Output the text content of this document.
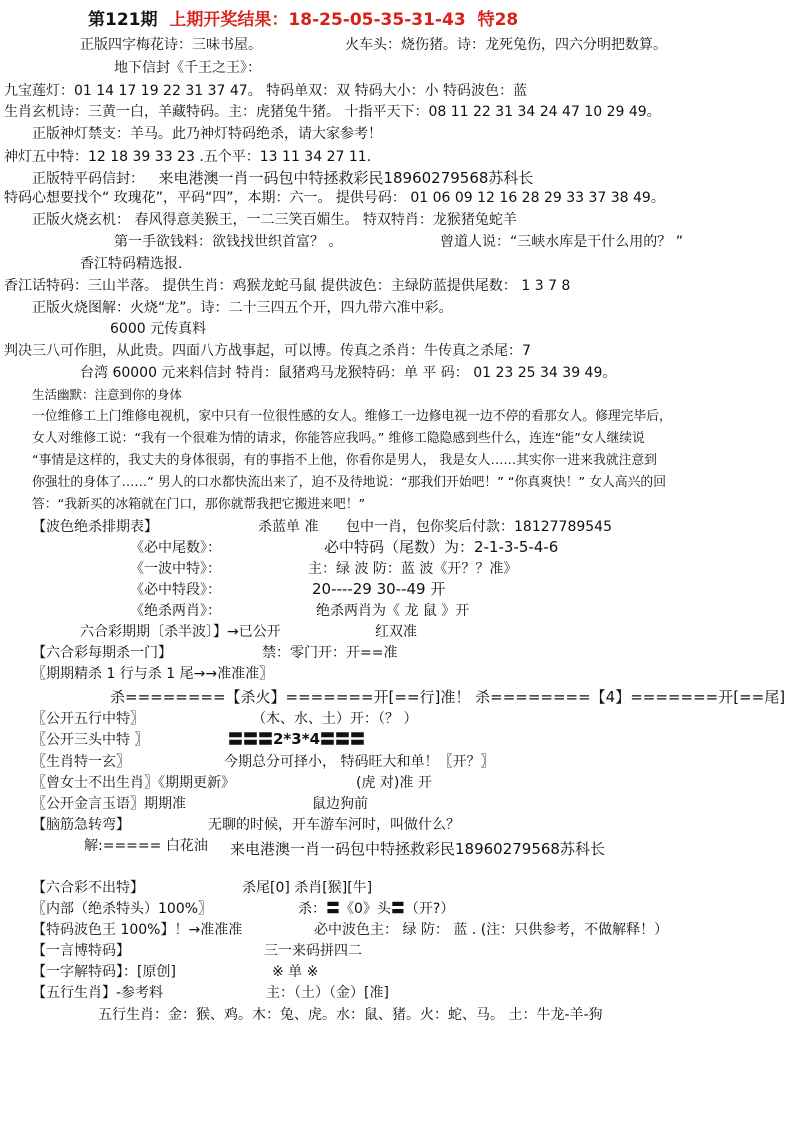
第121期 上期开奖结果：18-25-05-35-31-43 特28
正版四字梅花诗：三味书屋。	火车头：烧伤猪。诗：龙死兔伤，四六分明把数算。
地下信封《千王之王》：
九宝莲灯：01 14 17 19 22 31 37 47。 特码单双：双 特码大小：小 特码波色：蓝
生肖玄机诗：三黄一白，羊藏特码。主：虎猪兔牛猪。 十指平天下：08 11 22 31 34 24 47 10 29 49。
正版神灯禁支：羊马。此乃神灯特码绝杀，请大家参考！
神灯五中特：12 18 39 33 23 .五个平：13 11 34 27 11.
正版特平码信封： 来电港澳一肖一码包中特拯救彩民18960279568苏科长
特码心想要找个“ 玫瑰花”，平码“四”，本期：六一。 提供号码： 01 06 09 12 16 28 29 33 37 38 49。
正版火烧玄机： 春风得意美猴王，一二三笑百媚生。 特双特肖：龙猴猪兔蛇羊
第一手欲钱料：欲钱找世织首富？ 。	曾道人说：“三峡水库是干什么用的？ ”
香江特码精选报.
香江话特码：三山半落。 提供生肖：鸡猴龙蛇马鼠 提供波色：主绿防蓝提供尾数： 1 3 7 8
正版火烧图解：火烧“龙”。诗：二十三四五个开，四九带六准中彩。
6000 元传真料
判决三八可作胆，从此贵。四面八方战事起，可以博。传真之杀肖：牛传真之杀尾：7
台湾 60000 元来料信封 特肖：鼠猪鸡马龙猴特码：单 平 码： 01 23 25 34 39 49。
生活幽默：注意到你的身体
一位维修工上门维修电视机，家中只有一位很性感的女人。维修工一边修电视一边不停的看那女人。修理完毕后，
女人对维修工说：“我有一个很难为情的请求，你能答应我吗。” 维修工隐隐感到些什么，连连“能”女人继续说
“事情是这样的，我丈夫的身体很弱，有的事指不上他，你看你是男人， 我是女人……其实你一进来我就注意到
你强壮的身体了……” 男人的口水都快流出来了，迫不及待地说：“那我们开始吧！” “你真爽快！” 女人高兴的回
答：“我新买的冰箱就在门口，那你就帮我把它搬进来吧！”
【波色绝杀排期表】	杀蓝单 准 包中一肖，包你奖后付款：18127789545
《必中尾数》：	必中特码（尾数）为：2-1-3-5-4-6
《一波中特》：	主：绿 波 防：蓝 波《开？？准》
《必中特段》：	20----29 30--49 开
《绝杀两肖》：	绝杀两肖为《 龙 鼠 》开
六合彩期期〔杀半波〕】→已公开	红双准
【六合彩每期杀一门】	禁：零门开：开==准
〖期期精杀 1 行与杀 1 尾→→准准准〗
杀========【杀火】=======开[==行]准！ 杀========【4】=======开[==尾]
〖公开五行中特〗	（木、水、土）开：（？ ）
〖公开三头中特 〗	〓〓〓2*3*4〓〓〓
〖生肖特一玄〗	今期总分可择小， 特码旺大和单！〖开？〗
〖曾女士不出生肖〗《期期更新》	(虎 对)准 开
〖公开金言玉语〗期期准	鼠边狗前
【脑筋急转弯】	无聊的时候，开车游车河时，叫做什么？
解:===== 白花油 来电港澳一肖一码包中特拯救彩民18960279568苏科长
【六合彩不出特】	杀尾[0] 杀肖[猴][牛]
〖内部（绝杀特头）100%〗	杀：〓《0》头〓（开?）
【特码波色王 100%】！→准准准	必中波色主： 绿 防： 蓝 . (注：只供参考，不做解释！）
【一言博特码】	三一来码拼四二
【一字解特码】：[原创]	※ 单 ※
【五行生肖】-参考料	主：（土）（金）[准]
五行生肖：金：猴、鸡。木：兔、虎。水：鼠、猪。火：蛇、马。 土：牛龙-羊-狗
